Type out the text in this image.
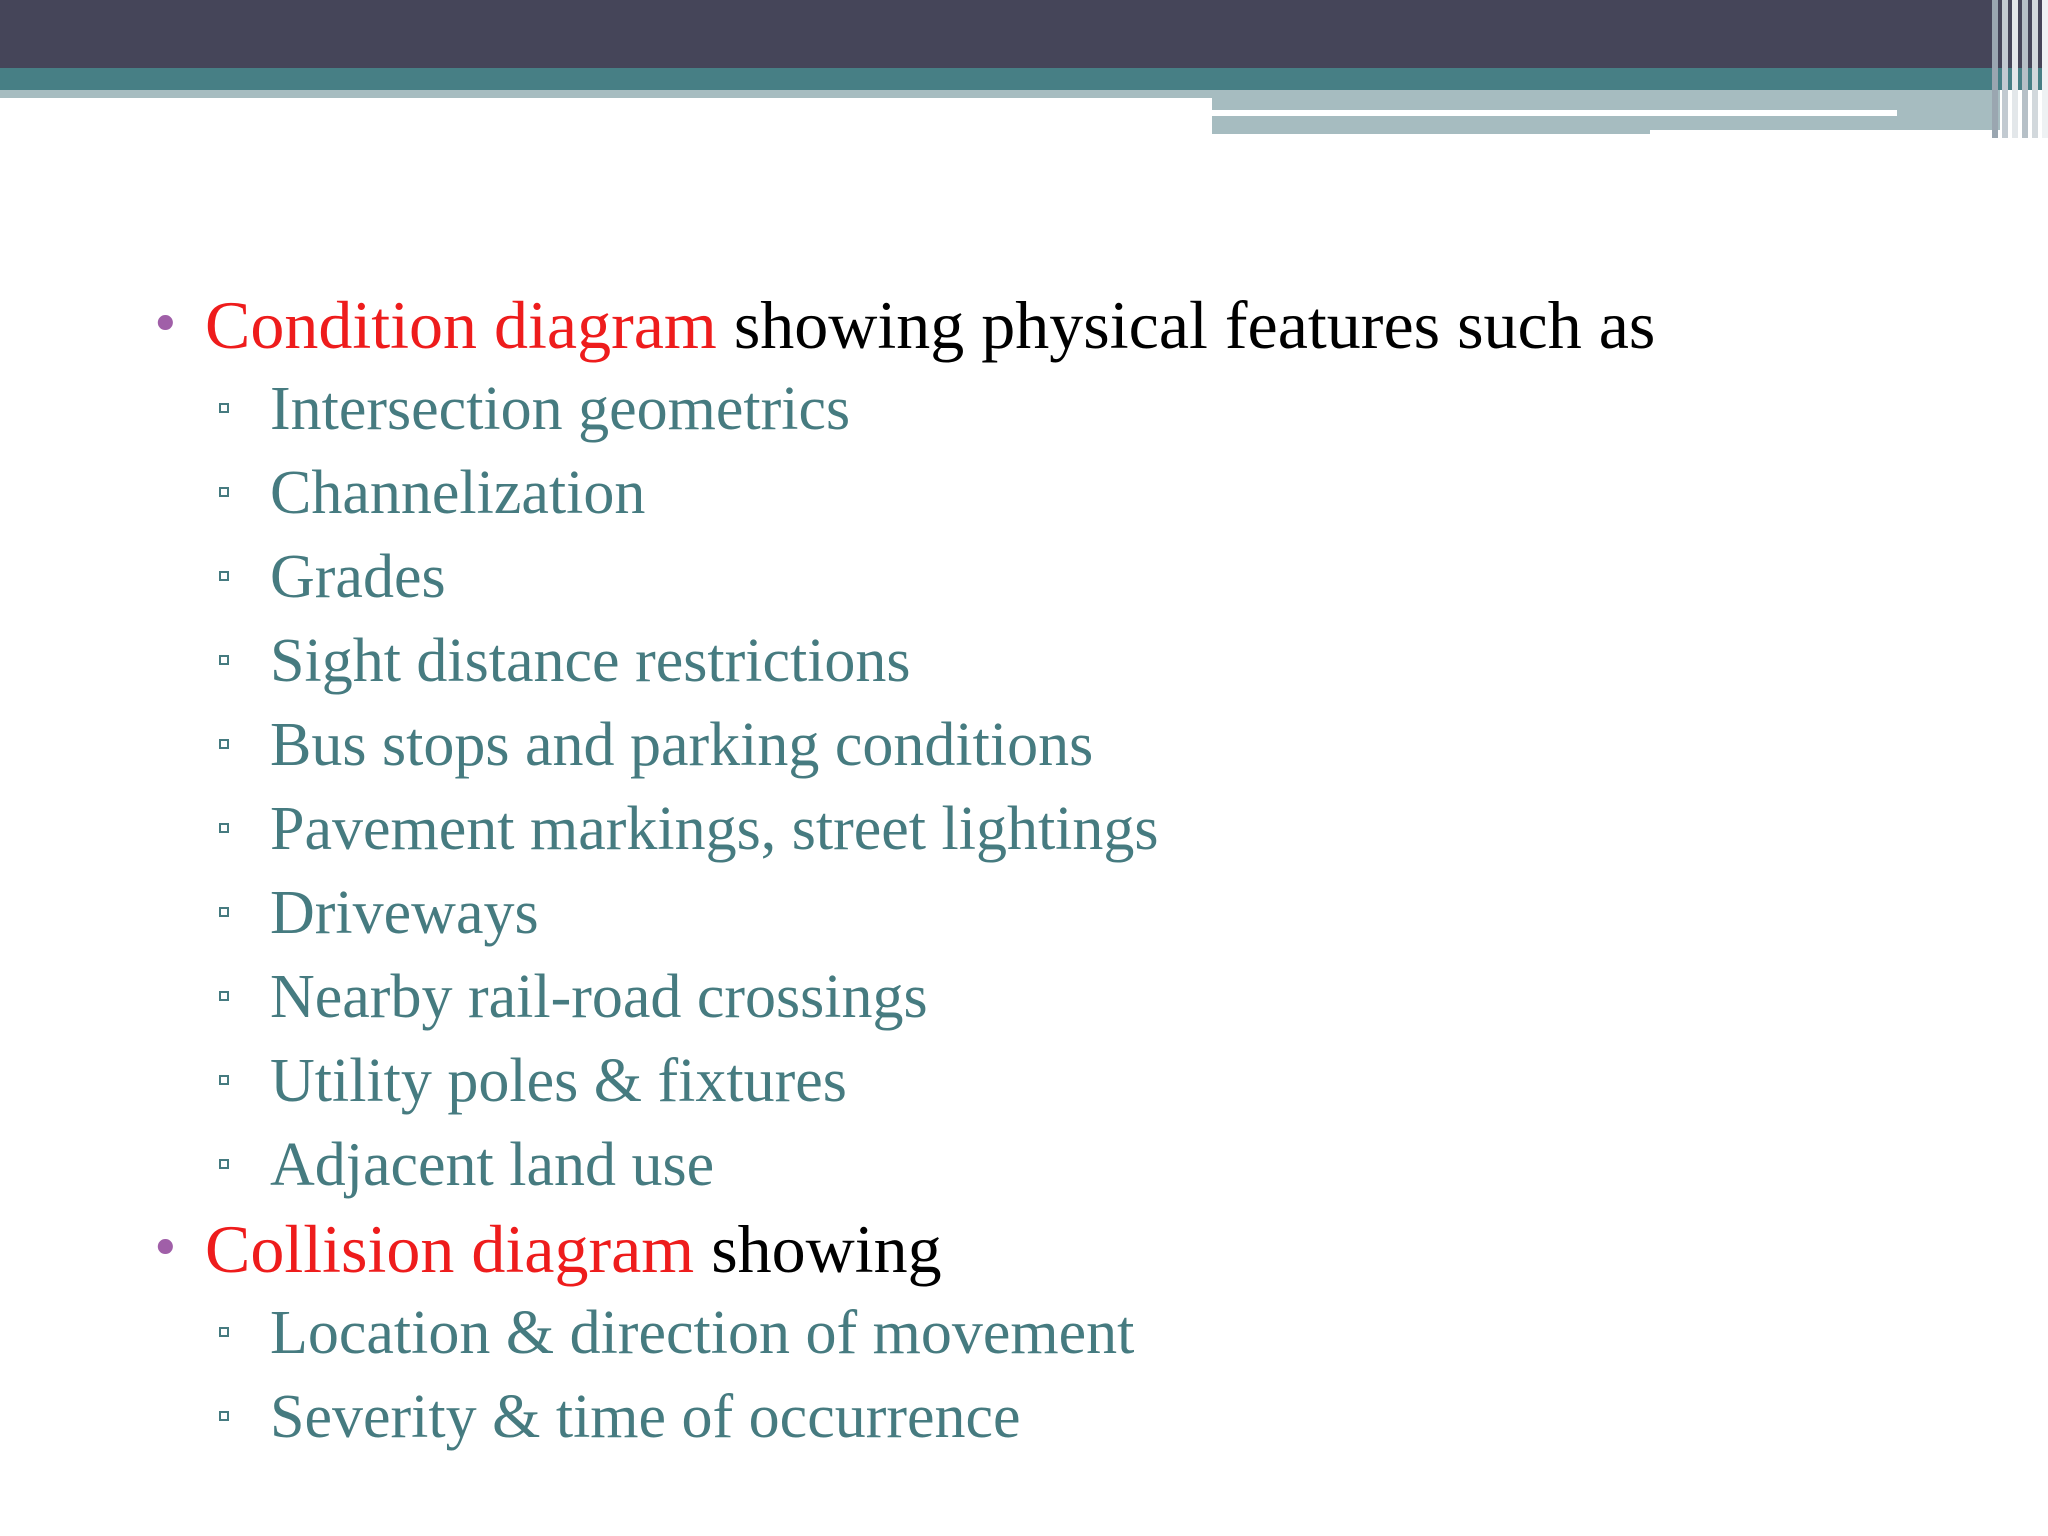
• Condition diagram showing physical features such as
Intersection geometrics
Channelization
Grades
Sight distance restrictions
Bus stops and parking conditions
Pavement markings, street lightings
Driveways
Nearby rail-road crossings
Utility poles & fixtures
Adjacent land use
• Collision diagram showing
Location & direction of movement
Severity & time of occurrence
